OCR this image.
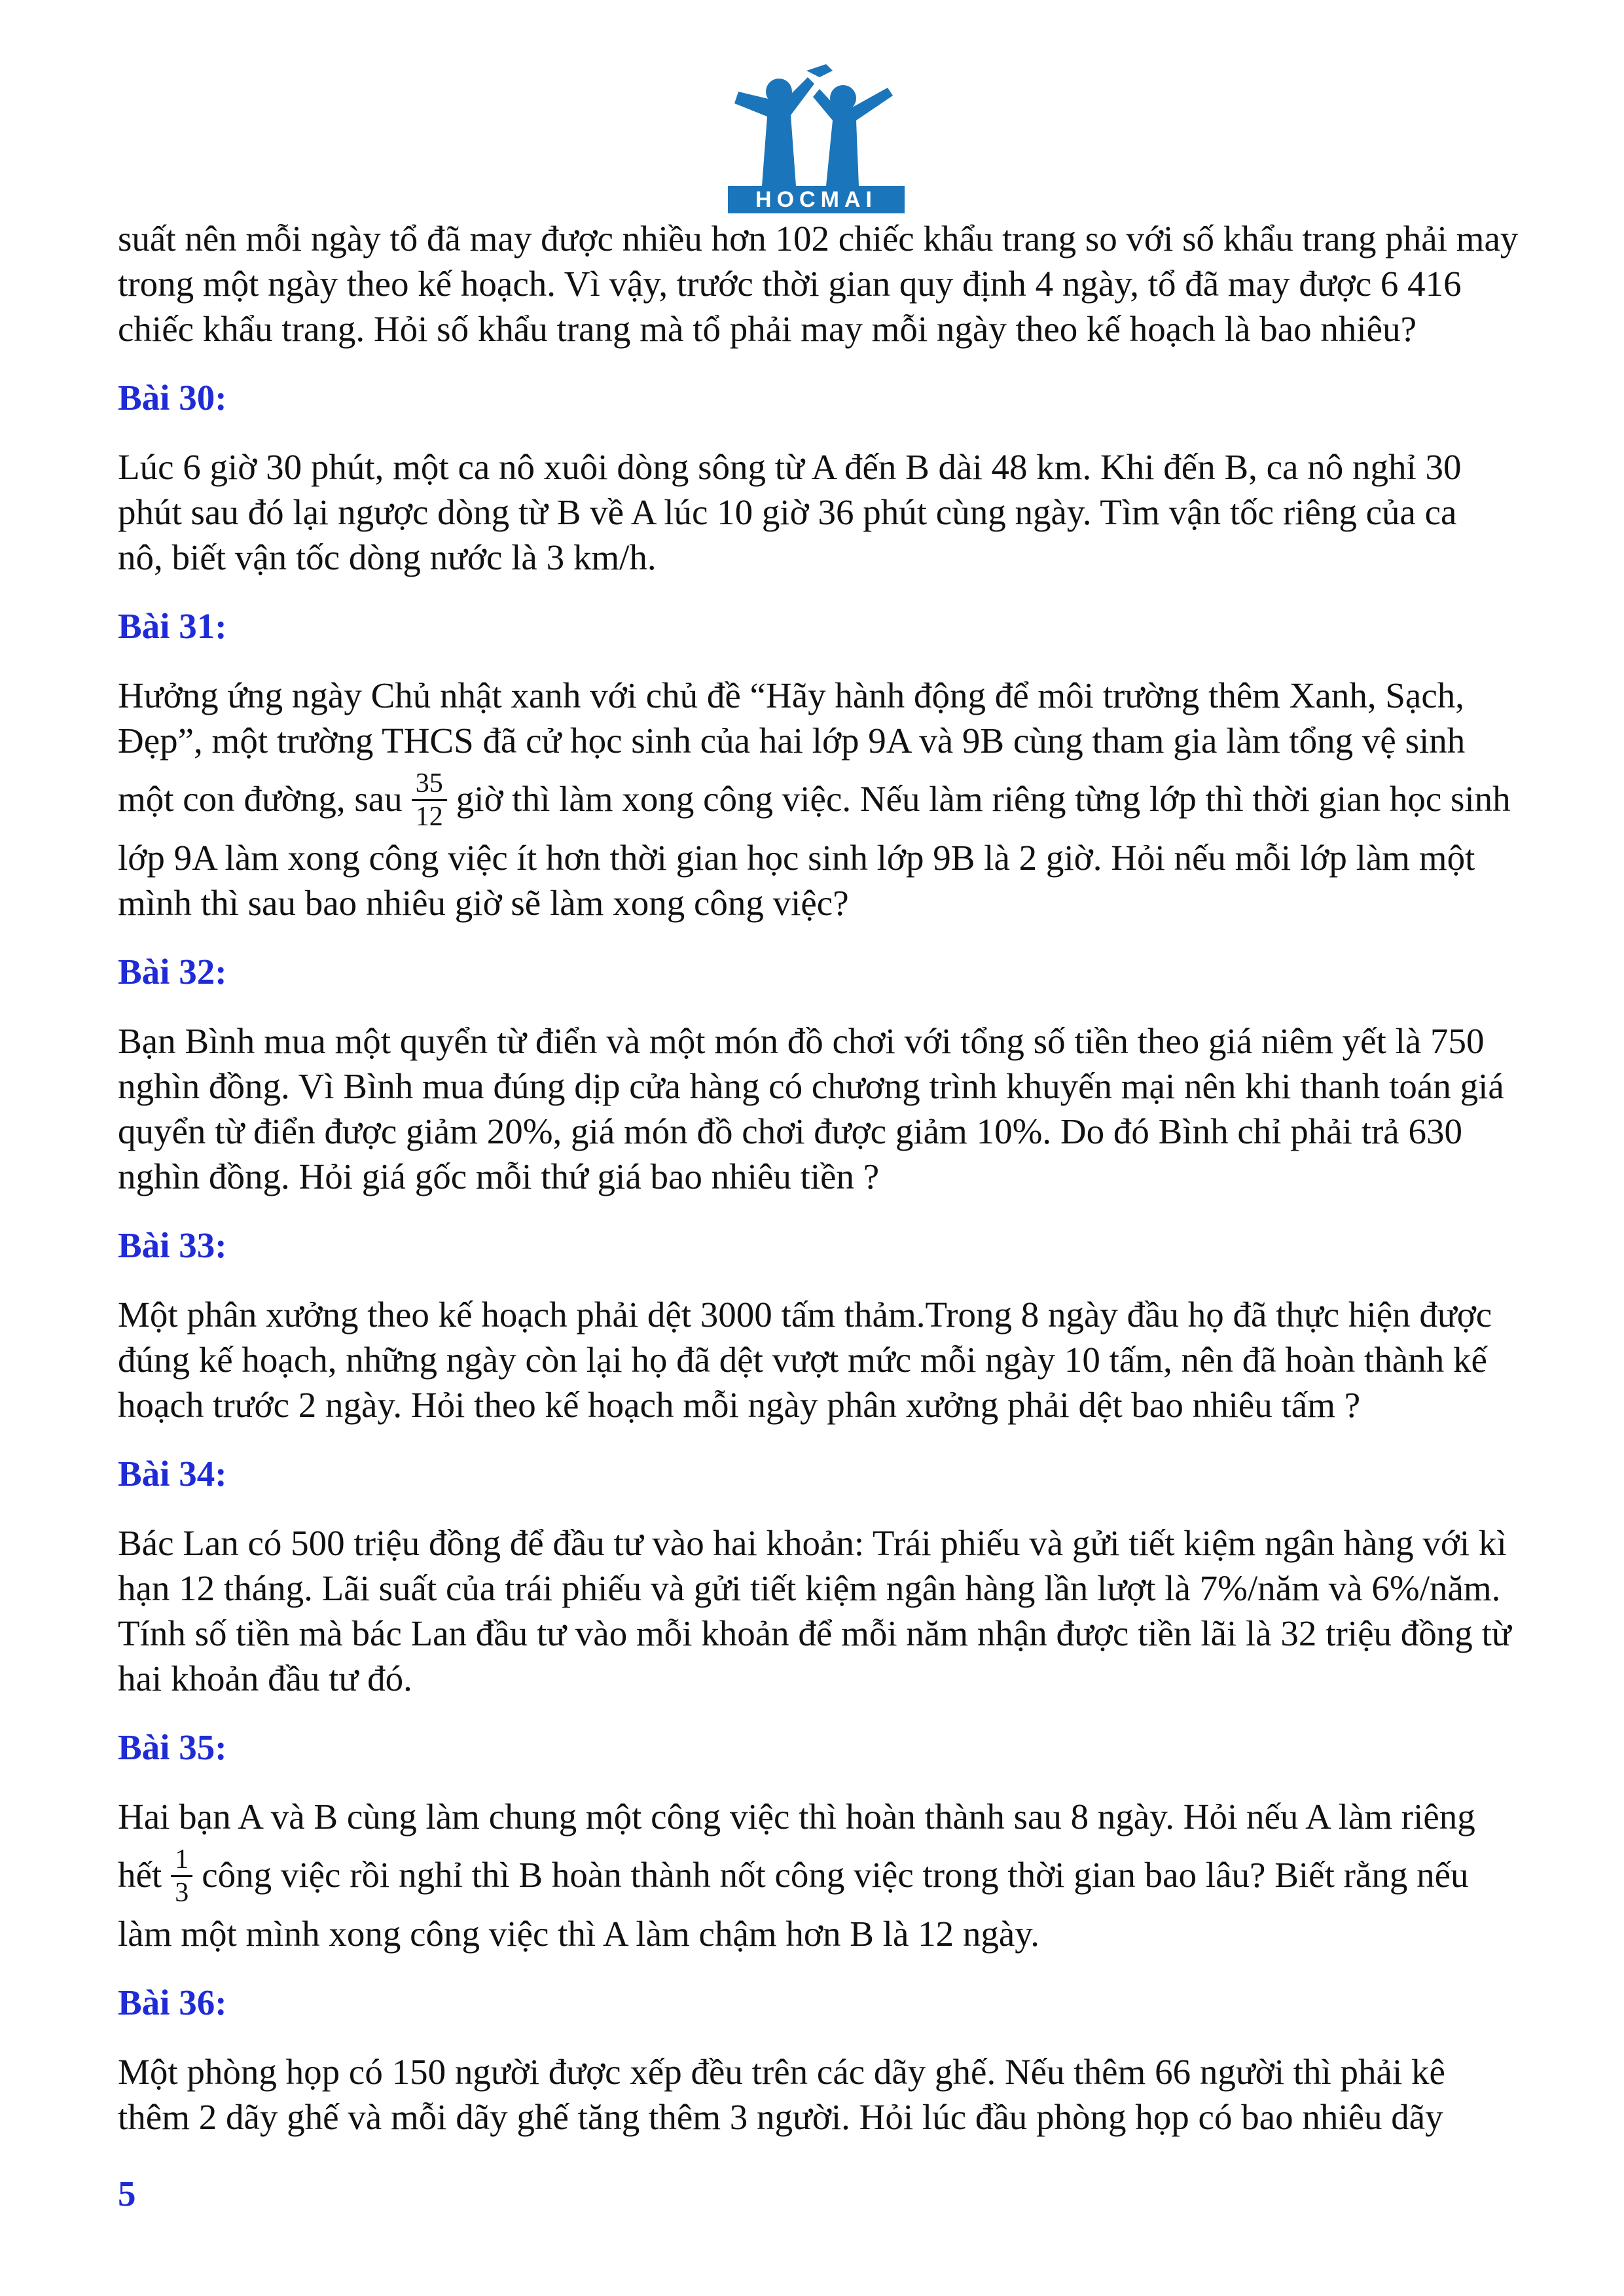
HOCMAI
suất nên mỗi ngày tổ đã may được nhiều hơn 102 chiếc khẩu trang so với số khẩu trang phải may
trong một ngày theo kế hoạch. Vì vậy, trước thời gian quy định 4 ngày, tổ đã may được 6 416
chiếc khẩu trang. Hỏi số khẩu trang mà tổ phải may mỗi ngày theo kế hoạch là bao nhiêu?
Bài 30:
Lúc 6 giờ 30 phút, một ca nô xuôi dòng sông từ A đến B dài 48 km. Khi đến B, ca nô nghỉ 30
phút sau đó lại ngược dòng từ B về A lúc 10 giờ 36 phút cùng ngày. Tìm vận tốc riêng của ca
nô, biết vận tốc dòng nước là 3 km/h.
Bài 31:
Hưởng ứng ngày Chủ nhật xanh với chủ đề “Hãy hành động để môi trường thêm Xanh, Sạch,
Đẹp”, một trường THCS đã cử học sinh của hai lớp 9A và 9B cùng tham gia làm tổng vệ sinh
một con đường, sau $\frac{35}{12}$ giờ thì làm xong công việc. Nếu làm riêng từng lớp thì thời gian học sinh
lớp 9A làm xong công việc ít hơn thời gian học sinh lớp 9B là 2 giờ. Hỏi nếu mỗi lớp làm một
mình thì sau bao nhiêu giờ sẽ làm xong công việc?
Bài 32:
Bạn Bình mua một quyển từ điển và một món đồ chơi với tổng số tiền theo giá niêm yết là 750
nghìn đồng. Vì Bình mua đúng dịp cửa hàng có chương trình khuyến mại nên khi thanh toán giá
quyển từ điển được giảm 20%, giá món đồ chơi được giảm 10%. Do đó Bình chỉ phải trả 630
nghìn đồng. Hỏi giá gốc mỗi thứ giá bao nhiêu tiền ?
Bài 33:
Một phân xưởng theo kế hoạch phải dệt 3000 tấm thảm.Trong 8 ngày đầu họ đã thực hiện được
đúng kế hoạch, những ngày còn lại họ đã dệt vượt mức mỗi ngày 10 tấm, nên đã hoàn thành kế
hoạch trước 2 ngày. Hỏi theo kế hoạch mỗi ngày phân xưởng phải dệt bao nhiêu tấm ?
Bài 34:
Bác Lan có 500 triệu đồng để đầu tư vào hai khoản: Trái phiếu và gửi tiết kiệm ngân hàng với kì
hạn 12 tháng. Lãi suất của trái phiếu và gửi tiết kiệm ngân hàng lần lượt là 7%/năm và 6%/năm.
Tính số tiền mà bác Lan đầu tư vào mỗi khoản để mỗi năm nhận được tiền lãi là 32 triệu đồng từ
hai khoản đầu tư đó.
Bài 35:
Hai bạn A và B cùng làm chung một công việc thì hoàn thành sau 8 ngày. Hỏi nếu A làm riêng
hết $\frac{1}{3}$ công việc rồi nghỉ thì B hoàn thành nốt công việc trong thời gian bao lâu? Biết rằng nếu
làm một mình xong công việc thì A làm chậm hơn B là 12 ngày.
Bài 36:
Một phòng họp có 150 người được xếp đều trên các dãy ghế. Nếu thêm 66 người thì phải kê
thêm 2 dãy ghế và mỗi dãy ghế tăng thêm 3 người. Hỏi lúc đầu phòng họp có bao nhiêu dãy
5
